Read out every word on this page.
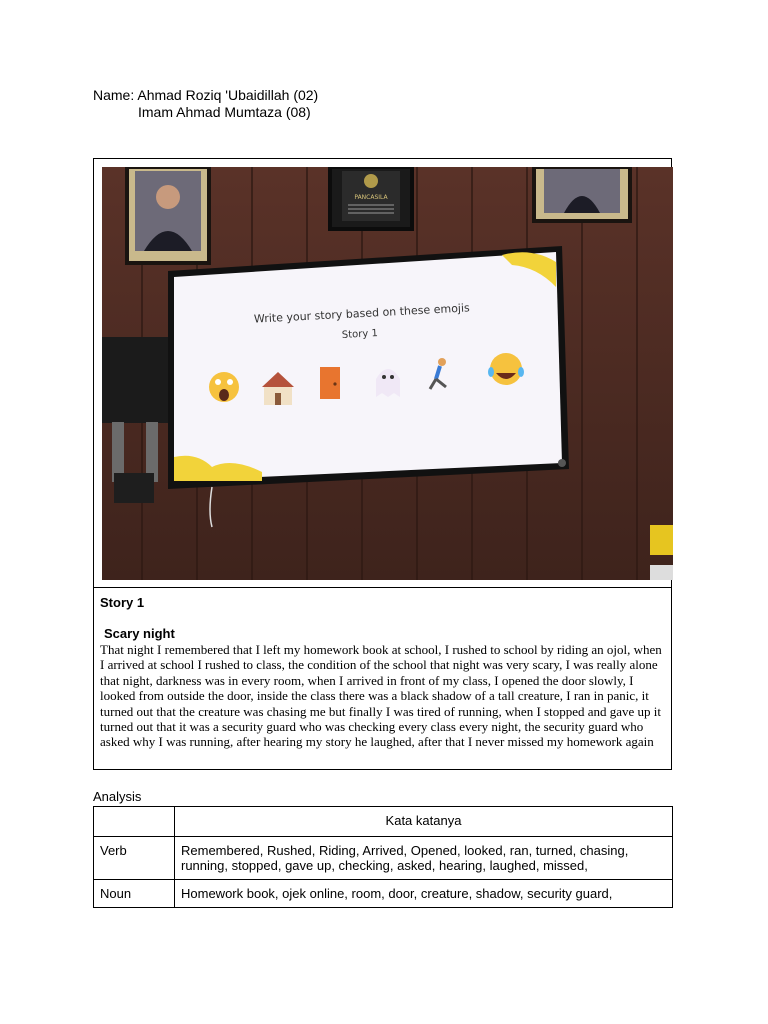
Name: Ahmad Roziq 'Ubaidillah (02)
Imam Ahmad Mumtaza (08)
PANCASILA
Write your story based on these emojis
Story 1
Story 1
Scary night
That night I remembered that I left my homework book at school, I rushed to school by riding an ojol, when I arrived at school I rushed to class, the condition of the school that night was very scary, I was really alone that night, darkness was in every room, when I arrived in front of my class, I opened the door slowly, I looked from outside the door, inside the class there was a black shadow of a tall creature, I ran in panic, it turned out that the creature was chasing me but finally I was tired of running, when I stopped and gave up it turned out that it was a security guard who was checking every class every night, the security guard who asked why I was running, after hearing my story he laughed, after that I never missed my homework again
Analysis
	Kata katanya
Verb	Remembered, Rushed, Riding, Arrived, Opened, looked, ran, turned, chasing, running, stopped, gave up, checking, asked, hearing, laughed, missed,
Noun	Homework book, ojek online, room, door, creature, shadow, security guard,
